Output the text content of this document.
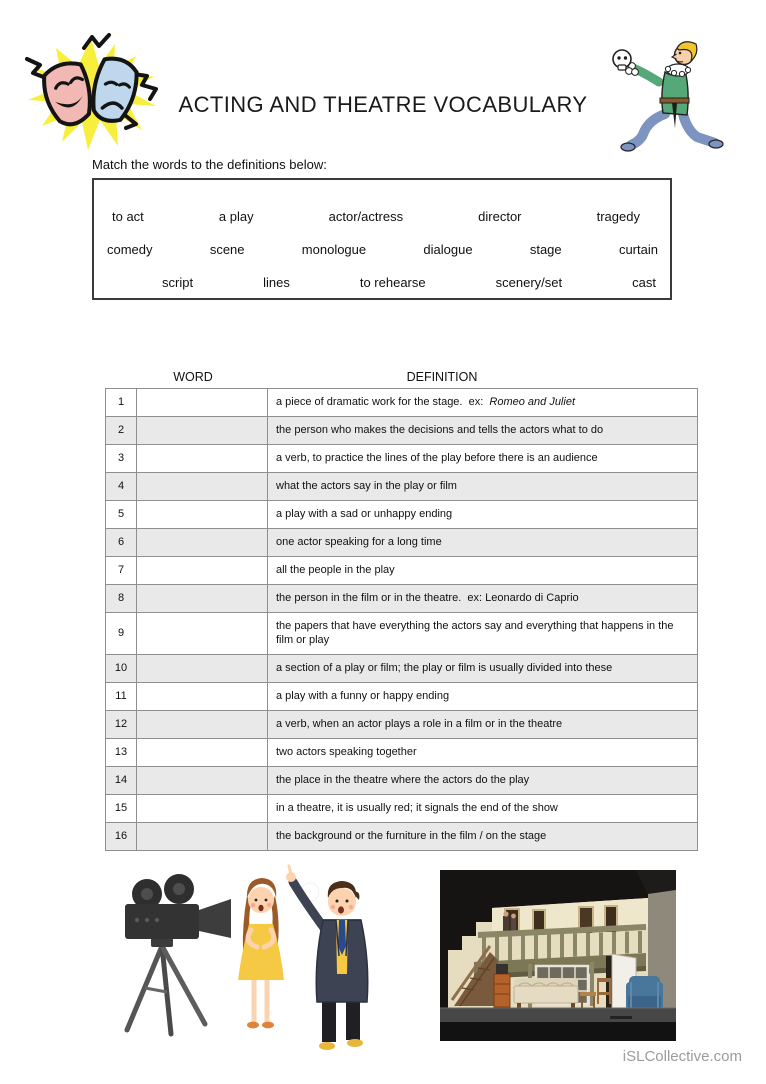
ACTING AND THEATRE VOCABULARY
Match the words to the definitions below:
to act	a play	actor/actress	director	tragedy
comedy	scene	monologue	dialogue	stage	curtain
script	lines	to rehearse	scenery/set	cast
WORD	DEFINITION
1		a piece of dramatic work for the stage.  ex:  Romeo and Juliet
2		the person who makes the decisions and tells the actors what to do
3		a verb, to practice the lines of the play before there is an audience
4		what the actors say in the play or film
5		a play with a sad or unhappy ending
6		one actor speaking for a long time
7		all the people in the play
8		the person in the film or in the theatre.  ex: Leonardo di Caprio
9		the papers that have everything the actors say and everything that happens in the film or play
10		a section of a play or film; the play or film is usually divided into these
11		a play with a funny or happy ending
12		a verb, when an actor plays a role in a film or in the theatre
13		two actors speaking together
14		the place in the theatre where the actors do the play
15		in a theatre, it is usually red; it signals the end of the show
16		the background or the furniture in the film / on the stage
iSLCollective.com
